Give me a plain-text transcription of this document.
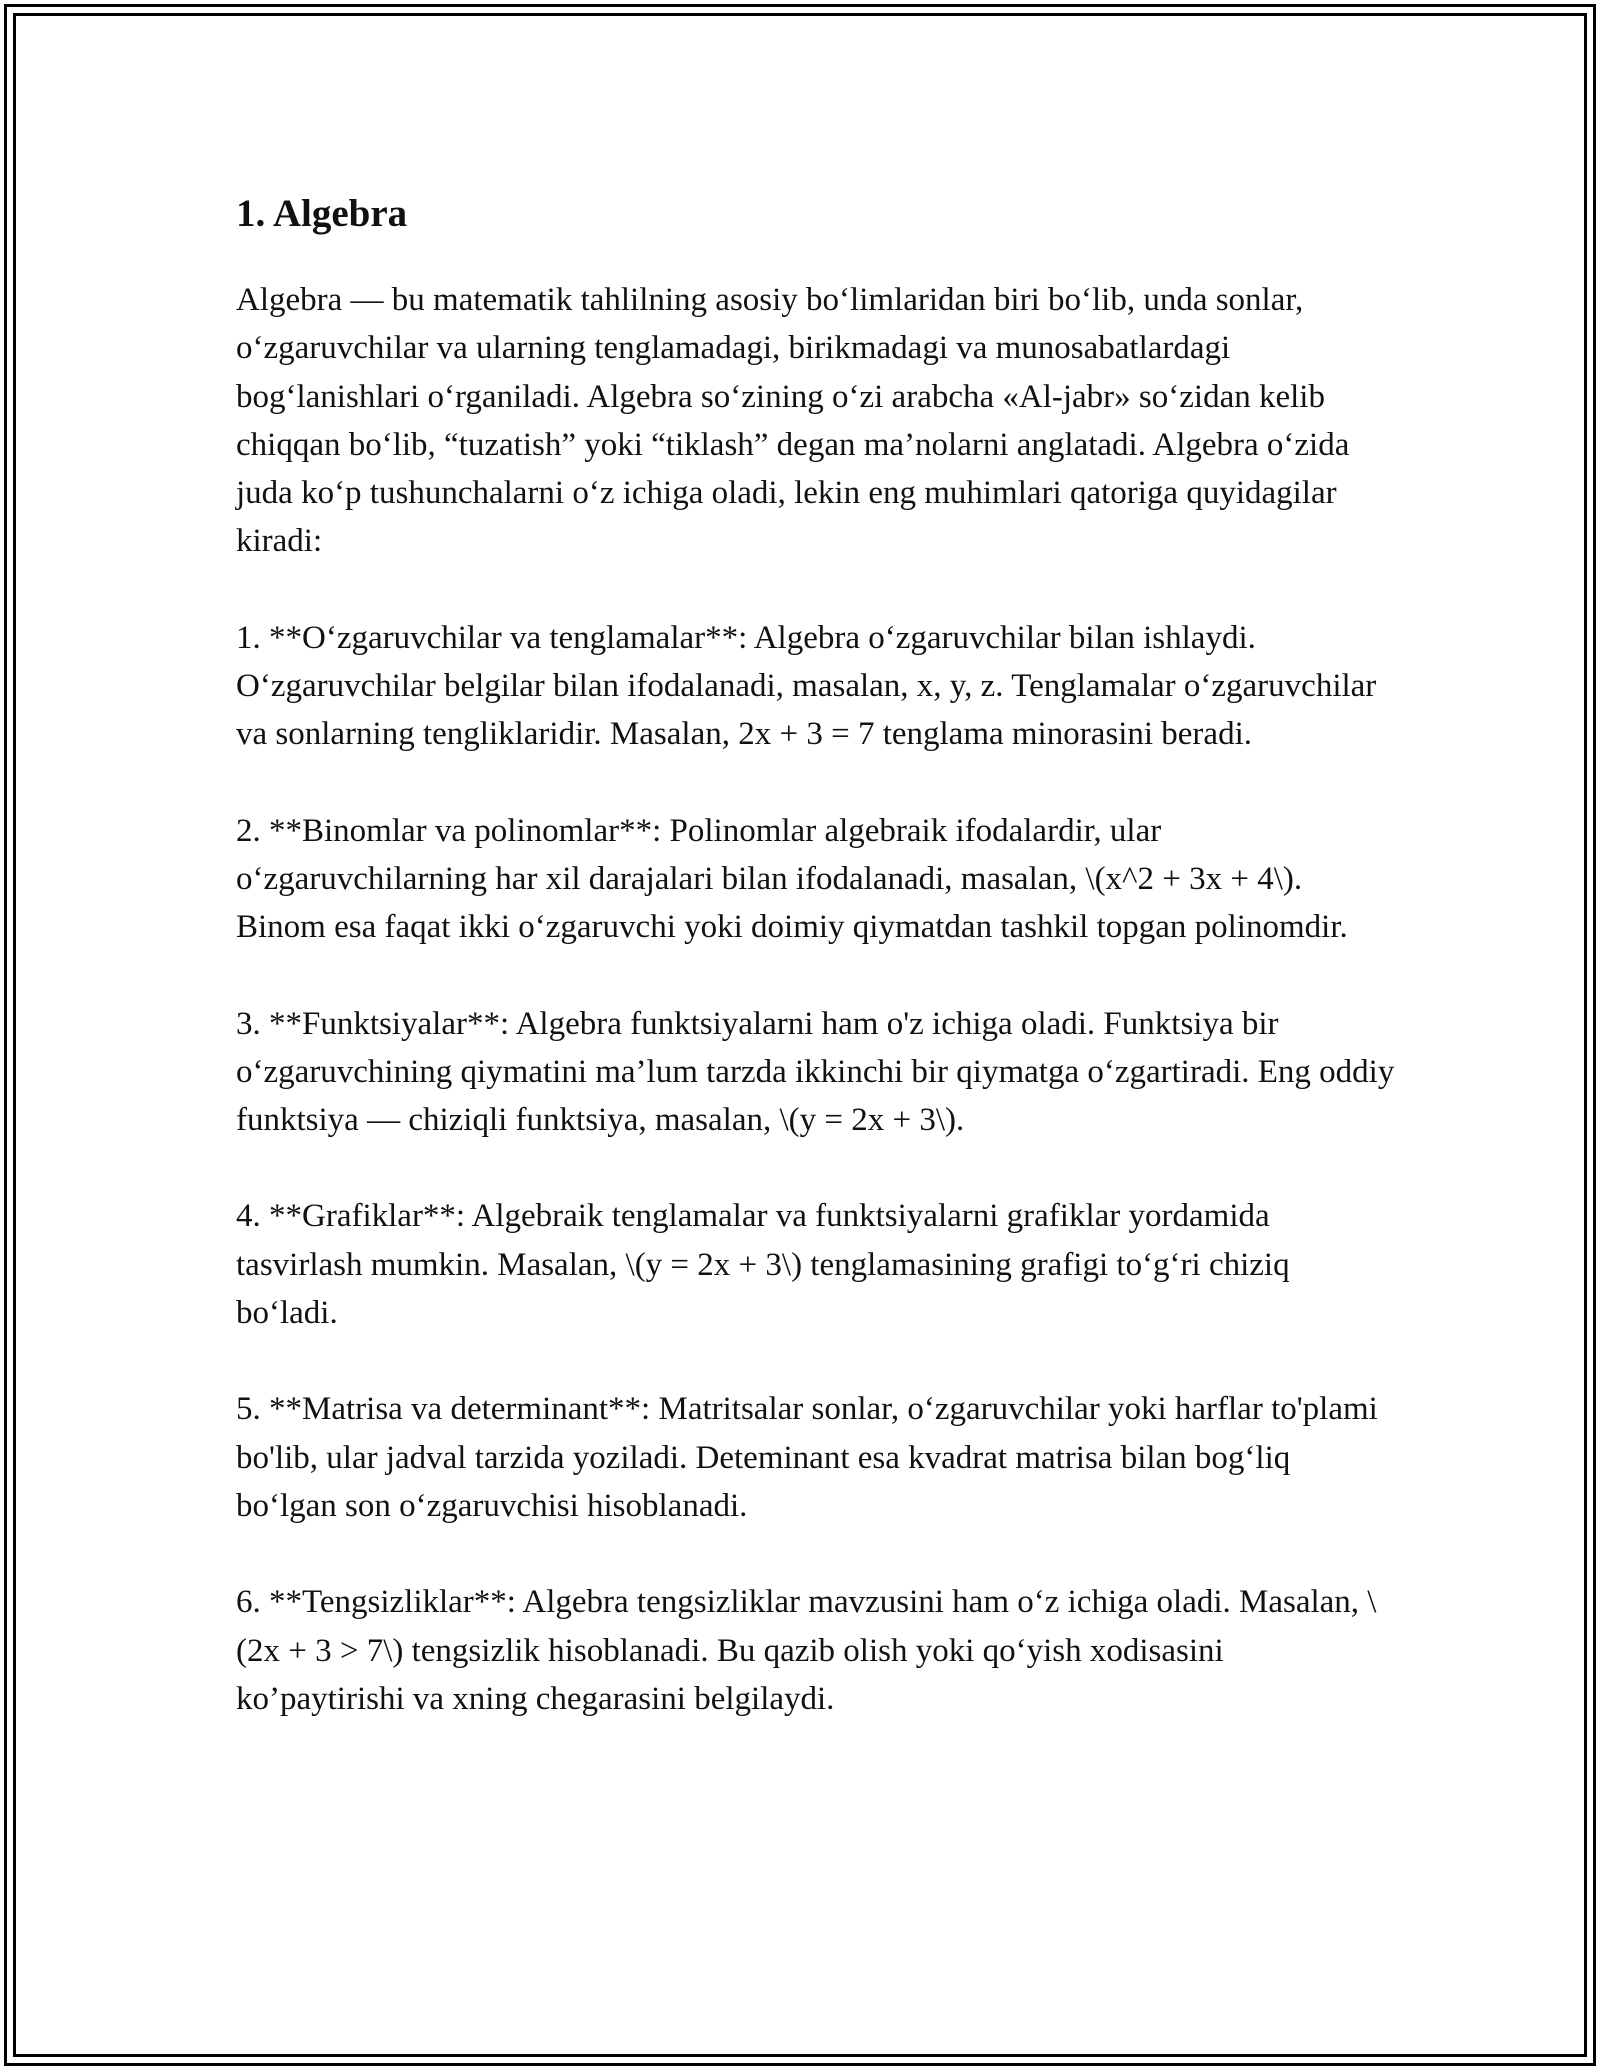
1. Algebra

Algebra — bu matematik tahlilning asosiy bo‘limlaridan biri bo‘lib, unda sonlar, o‘zgaruvchilar va ularning tenglamadagi, birikmadagi va munosabatlardagi bog‘lanishlari o‘rganiladi. Algebra so‘zining o‘zi arabcha «Al-jabr» so‘zidan kelib chiqqan bo‘lib, “tuzatish” yoki “tiklash” degan ma’nolarni anglatadi. Algebra o‘zida juda ko‘p tushunchalarni o‘z ichiga oladi, lekin eng muhimlari qatoriga quyidagilar kiradi:

1. **O‘zgaruvchilar va tenglamalar**: Algebra o‘zgaruvchilar bilan ishlaydi. O‘zgaruvchilar belgilar bilan ifodalanadi, masalan, x, y, z. Tenglamalar o‘zgaruvchilar va sonlarning tengliklaridir. Masalan, 2x + 3 = 7 tenglama minorasini beradi.

2. **Binomlar va polinomlar**: Polinomlar algebraik ifodalardir, ular o‘zgaruvchilarning har xil darajalari bilan ifodalanadi, masalan, \(x^2 + 3x + 4\). Binom esa faqat ikki o‘zgaruvchi yoki doimiy qiymatdan tashkil topgan polinomdir.

3. **Funktsiyalar**: Algebra funktsiyalarni ham o'z ichiga oladi. Funktsiya bir o‘zgaruvchining qiymatini ma’lum tarzda ikkinchi bir qiymatga o‘zgartiradi. Eng oddiy funktsiya — chiziqli funktsiya, masalan, \(y = 2x + 3\).

4. **Grafiklar**: Algebraik tenglamalar va funktsiyalarni grafiklar yordamida tasvirlash mumkin. Masalan, \(y = 2x + 3\) tenglamasining grafigi to‘g‘ri chiziq bo‘ladi.

5. **Matrisa va determinant**: Matritsalar sonlar, o‘zgaruvchilar yoki harflar to'plami bo'lib, ular jadval tarzida yoziladi. Deteminant esa kvadrat matrisa bilan bog‘liq bo‘lgan son o‘zgaruvchisi hisoblanadi.

6. **Tengsizliklar**: Algebra tengsizliklar mavzusini ham o‘z ichiga oladi. Masalan, \(2x + 3 > 7\) tengsizlik hisoblanadi. Bu qazib olish yoki qo‘yish xodisasini ko’paytirishi va xning chegarasini belgilaydi.
